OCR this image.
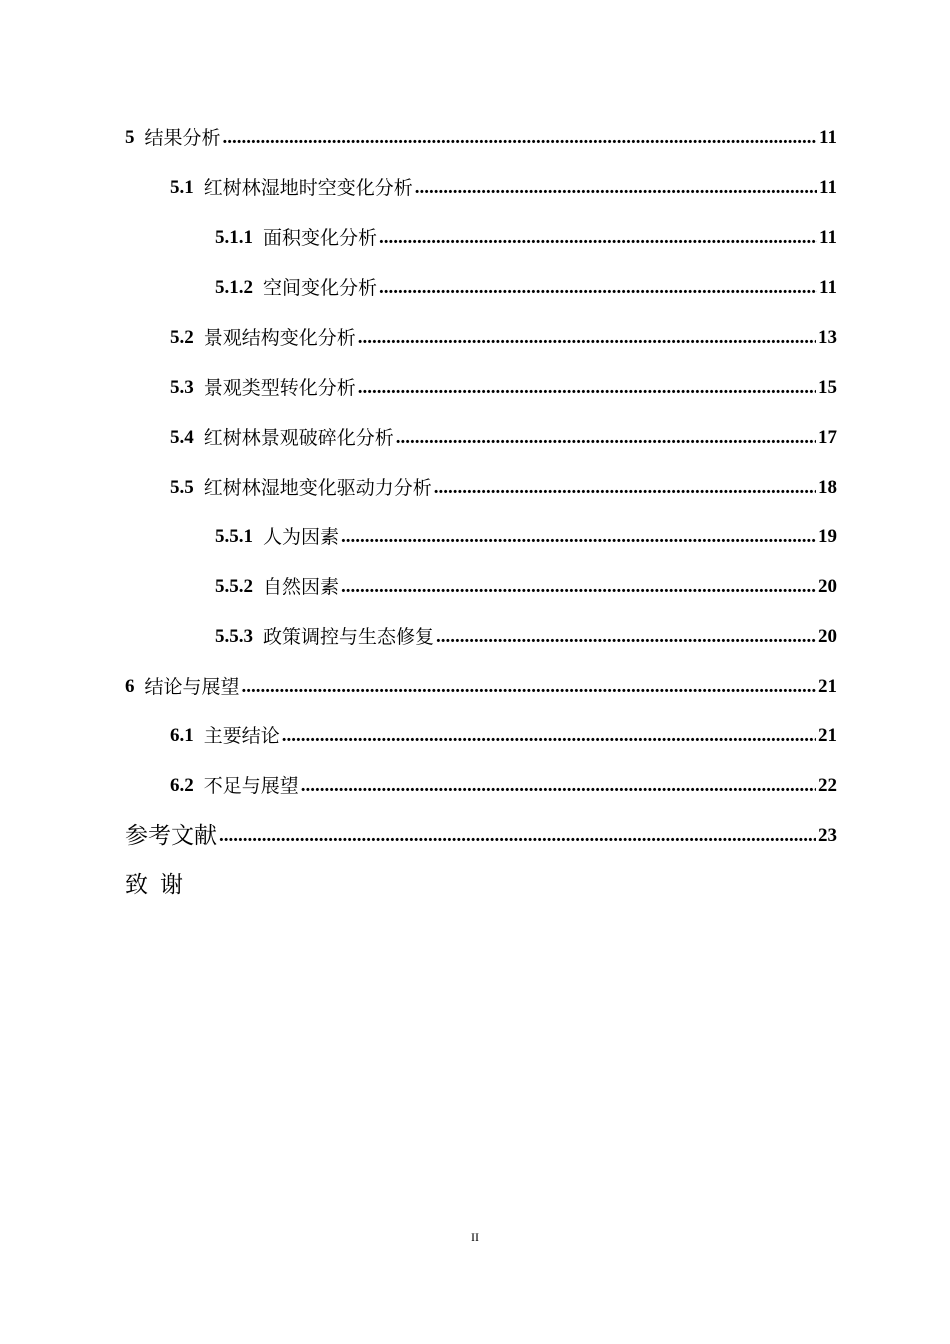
5 结果分析 .....	11
5.1 红树林湿地时空变化分析 .....	11
5.1.1 面积变化分析 .....	11
5.1.2 空间变化分析 .....	11
5.2 景观结构变化分析 .....	13
5.3 景观类型转化分析 .....	15
5.4 红树林景观破碎化分析 .....	17
5.5 红树林湿地变化驱动力分析 .....	18
5.5.1 人为因素 .....	19
5.5.2 自然因素 .....	20
5.5.3 政策调控与生态修复 .....	20
6 结论与展望 .....	21
6.1 主要结论 .....	21
6.2 不足与展望 .....	22
参考文献 .....	23
致谢
II
